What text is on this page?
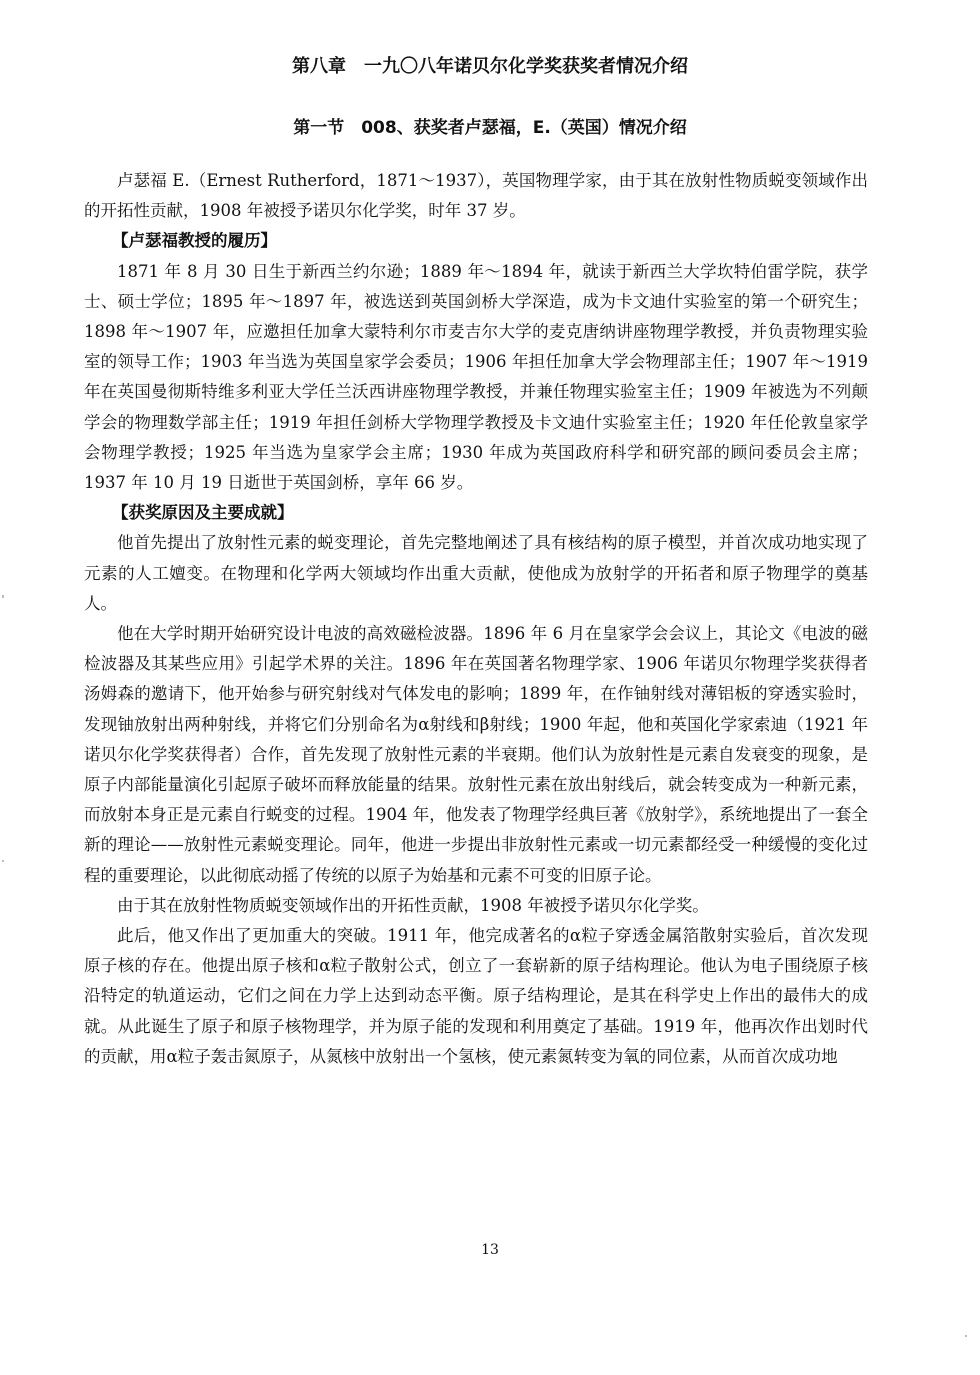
第八章　一九〇八年诺贝尔化学奖获奖者情况介绍
第一节　008、获奖者卢瑟福，E.（英国）情况介绍

卢瑟福 E.（Ernest Rutherford，1871～1937），英国物理学家，由于其在放射性物质蜕变领域作出的开拓性贡献，1908 年被授予诺贝尔化学奖，时年 37 岁。

【卢瑟福教授的履历】

1871 年 8 月 30 日生于新西兰约尔逊；1889 年～1894 年，就读于新西兰大学坎特伯雷学院，获学士、硕士学位；1895 年～1897 年，被选送到英国剑桥大学深造，成为卡文迪什实验室的第一个研究生；1898 年～1907 年，应邀担任加拿大蒙特利尔市麦吉尔大学的麦克唐纳讲座物理学教授，并负责物理实验室的领导工作；1903 年当选为英国皇家学会委员；1906 年担任加拿大学会物理部主任；1907 年～1919 年在英国曼彻斯特维多利亚大学任兰沃西讲座物理学教授，并兼任物理实验室主任；1909 年被选为不列颠学会的物理数学部主任；1919 年担任剑桥大学物理学教授及卡文迪什实验室主任；1920 年任伦敦皇家学会物理学教授；1925 年当选为皇家学会主席；1930 年成为英国政府科学和研究部的顾问委员会主席；1937 年 10 月 19 日逝世于英国剑桥，享年 66 岁。

【获奖原因及主要成就】

他首先提出了放射性元素的蜕变理论，首先完整地阐述了具有核结构的原子模型，并首次成功地实现了元素的人工嬗变。在物理和化学两大领域均作出重大贡献，使他成为放射学的开拓者和原子物理学的奠基人。

他在大学时期开始研究设计电波的高效磁检波器。1896 年 6 月在皇家学会会议上，其论文《电波的磁检波器及其某些应用》引起学术界的关注。1896 年在英国著名物理学家、1906 年诺贝尔物理学奖获得者汤姆森的邀请下，他开始参与研究射线对气体发电的影响；1899 年，在作铀射线对薄铝板的穿透实验时，发现铀放射出两种射线，并将它们分别命名为α射线和β射线；1900 年起，他和英国化学家索迪（1921 年诺贝尔化学奖获得者）合作，首先发现了放射性元素的半衰期。他们认为放射性是元素自发衰变的现象，是原子内部能量演化引起原子破坏而释放能量的结果。放射性元素在放出射线后，就会转变成为一种新元素，而放射本身正是元素自行蜕变的过程。1904 年，他发表了物理学经典巨著《放射学》，系统地提出了一套全新的理论——放射性元素蜕变理论。同年，他进一步提出非放射性元素或一切元素都经受一种缓慢的变化过程的重要理论，以此彻底动摇了传统的以原子为始基和元素不可变的旧原子论。

由于其在放射性物质蜕变领域作出的开拓性贡献，1908 年被授予诺贝尔化学奖。

此后，他又作出了更加重大的突破。1911 年，他完成著名的α粒子穿透金属箔散射实验后，首次发现原子核的存在。他提出原子核和α粒子散射公式，创立了一套崭新的原子结构理论。他认为电子围绕原子核沿特定的轨道运动，它们之间在力学上达到动态平衡。原子结构理论，是其在科学史上作出的最伟大的成就。从此诞生了原子和原子核物理学，并为原子能的发现和利用奠定了基础。1919 年，他再次作出划时代的贡献，用α粒子轰击氮原子，从氮核中放射出一个氢核，使元素氮转变为氧的同位素，从而首次成功地

13
